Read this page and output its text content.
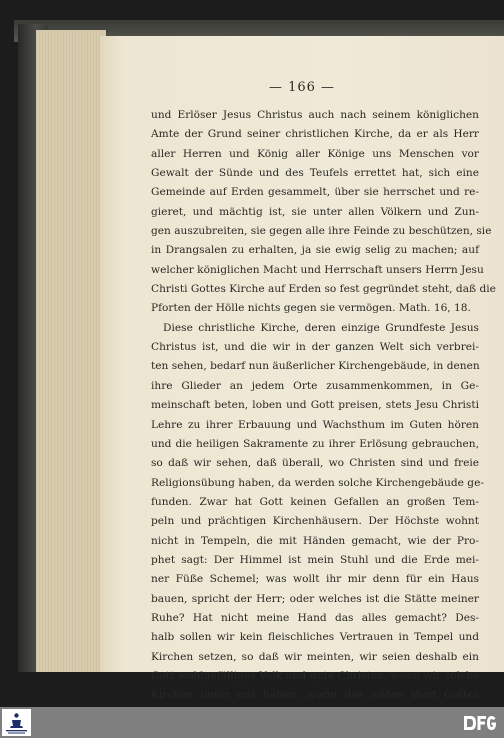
— 166 —
und Erlöser Jesus Christus auch nach seinem königlichen
Amte der Grund seiner christlichen Kirche, da er als Herr
aller Herren und König aller Könige uns Menschen vor
Gewalt der Sünde und des Teufels errettet hat, sich eine
Gemeinde auf Erden gesammelt, über sie herrschet und re-
gieret, und mächtig ist, sie unter allen Völkern und Zun-
gen auszubreiten, sie gegen alle ihre Feinde zu beschützen, sie
in Drangsalen zu erhalten, ja sie ewig selig zu machen; auf
welcher königlichen Macht und Herrschaft unsers Herrn Jesu
Christi Gottes Kirche auf Erden so fest gegründet steht, daß die
Pforten der Hölle nichts gegen sie vermögen. Math. 16, 18.
Diese christliche Kirche, deren einzige Grundfeste Jesus
Christus ist, und die wir in der ganzen Welt sich verbrei-
ten sehen, bedarf nun äußerlicher Kirchengebäude, in denen
ihre Glieder an jedem Orte zusammenkommen, in Ge-
meinschaft beten, loben und Gott preisen, stets Jesu Christi
Lehre zu ihrer Erbauung und Wachsthum im Guten hören
und die heiligen Sakramente zu ihrer Erlösung gebrauchen,
so daß wir sehen, daß überall, wo Christen sind und freie
Religionsübung haben, da werden solche Kirchengebäude ge-
funden. Zwar hat Gott keinen Gefallen an großen Tem-
peln und prächtigen Kirchenhäusern. Der Höchste wohnt
nicht in Tempeln, die mit Händen gemacht, wie der Pro-
phet sagt: Der Himmel ist mein Stuhl und die Erde mei-
ner Füße Schemel; was wollt ihr mir denn für ein Haus
bauen, spricht der Herr; oder welches ist die Stätte meiner
Ruhe? Hat nicht meine Hand das alles gemacht? Des-
halb sollen wir kein fleischliches Vertrauen in Tempel und
Kirchen setzen, so daß wir meinten, wir seien deshalb ein
Gott wohlgefälliges Volk und gute Christen, wenn wir solche
Kirchen unter uns haben, worin das wahre Wort Gottes
